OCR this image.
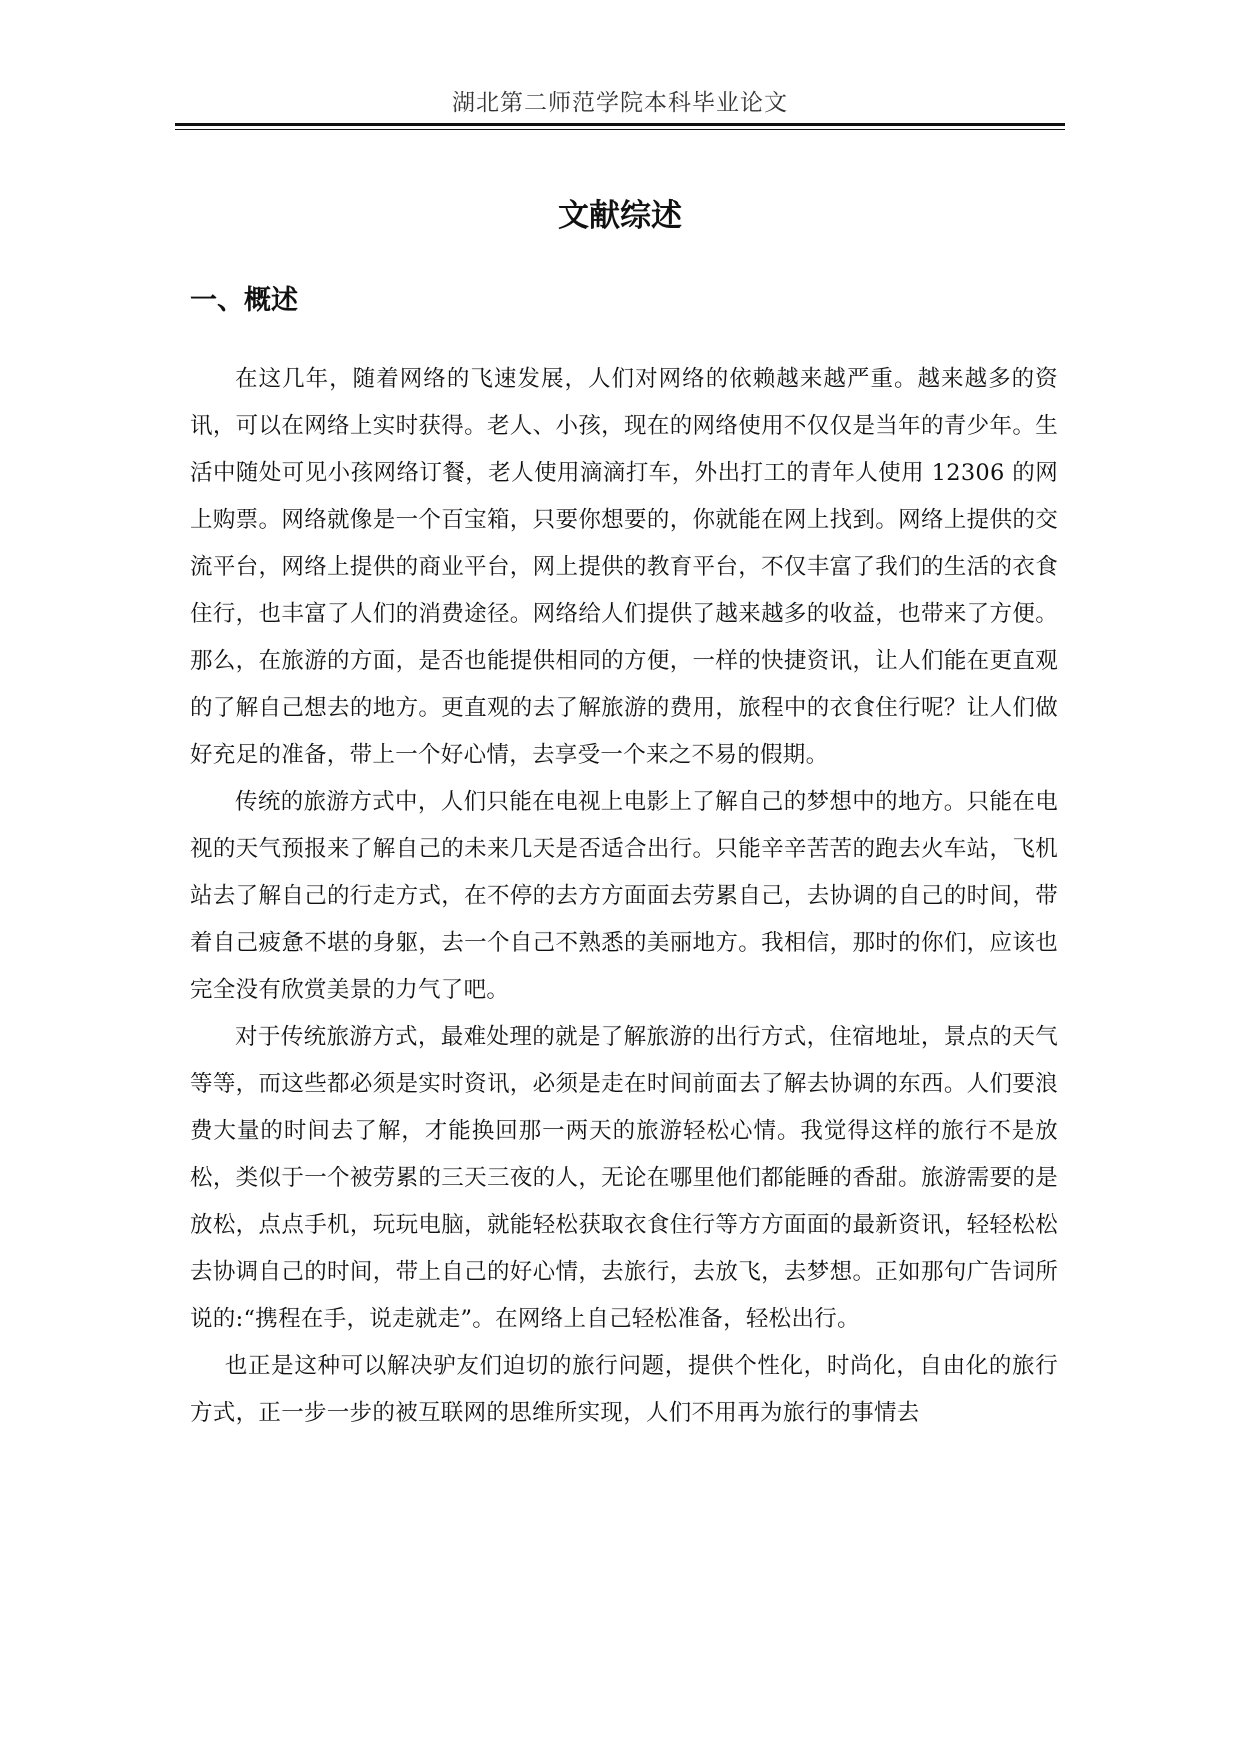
湖北第二师范学院本科毕业论文
文献综述
一、概述

在这几年，随着网络的飞速发展，人们对网络的依赖越来越严重。越来越多的资讯，可以在网络上实时获得。老人、小孩，现在的网络使用不仅仅是当年的青少年。生活中随处可见小孩网络订餐，老人使用滴滴打车，外出打工的青年人使用 12306 的网上购票。网络就像是一个百宝箱，只要你想要的，你就能在网上找到。网络上提供的交流平台，网络上提供的商业平台，网上提供的教育平台，不仅丰富了我们的生活的衣食住行，也丰富了人们的消费途径。网络给人们提供了越来越多的收益，也带来了方便。那么，在旅游的方面，是否也能提供相同的方便，一样的快捷资讯，让人们能在更直观的了解自己想去的地方。更直观的去了解旅游的费用，旅程中的衣食住行呢？让人们做好充足的准备，带上一个好心情，去享受一个来之不易的假期。

传统的旅游方式中，人们只能在电视上电影上了解自己的梦想中的地方。只能在电视的天气预报来了解自己的未来几天是否适合出行。只能辛辛苦苦的跑去火车站，飞机站去了解自己的行走方式，在不停的去方方面面去劳累自己，去协调的自己的时间，带着自己疲惫不堪的身躯，去一个自己不熟悉的美丽地方。我相信，那时的你们，应该也完全没有欣赏美景的力气了吧。

对于传统旅游方式，最难处理的就是了解旅游的出行方式，住宿地址，景点的天气等等，而这些都必须是实时资讯，必须是走在时间前面去了解去协调的东西。人们要浪费大量的时间去了解，才能换回那一两天的旅游轻松心情。我觉得这样的旅行不是放松，类似于一个被劳累的三天三夜的人，无论在哪里他们都能睡的香甜。旅游需要的是放松，点点手机，玩玩电脑，就能轻松获取衣食住行等方方面面的最新资讯，轻轻松松去协调自己的时间，带上自己的好心情，去旅行，去放飞，去梦想。正如那句广告词所说的:“携程在手，说走就走”。在网络上自己轻松准备，轻松出行。

也正是这种可以解决驴友们迫切的旅行问题，提供个性化，时尚化，自由化的旅行方式，正一步一步的被互联网的思维所实现，人们不用再为旅行的事情去
